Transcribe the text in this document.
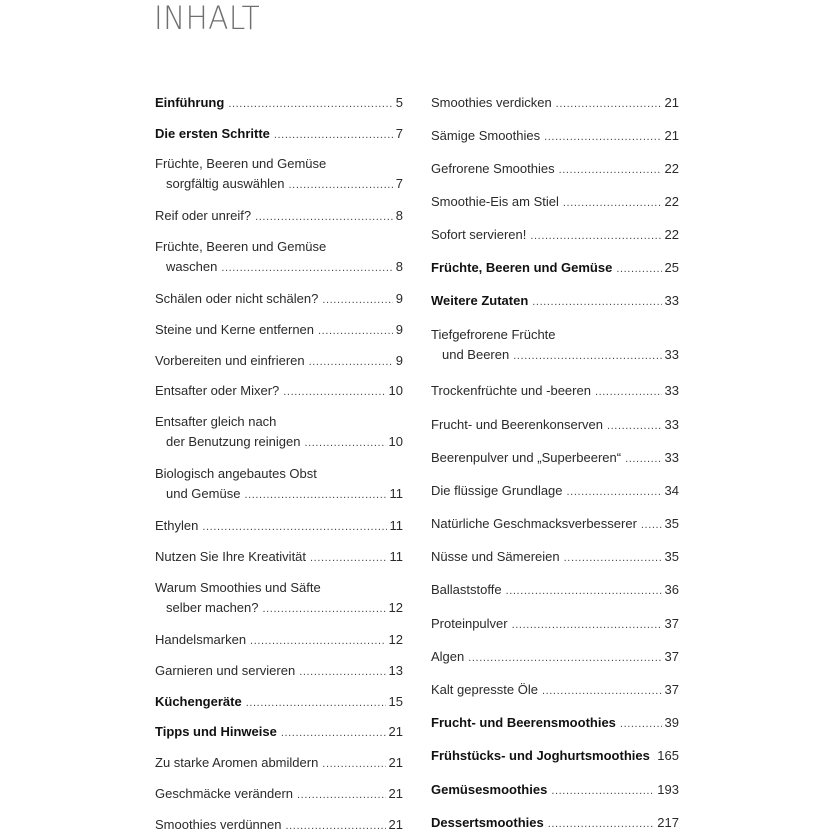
INHALT
Einführung .....	5
Die ersten Schritte .....	7
Früchte, Beeren und Gemüse
sorgfältig auswählen .....	7
Reif oder unreif? .....	8
Früchte, Beeren und Gemüse
waschen .....	8
Schälen oder nicht schälen? .....	9
Steine und Kerne entfernen .....	9
Vorbereiten und einfrieren .....	9
Entsafter oder Mixer? .....	10
Entsafter gleich nach
der Benutzung reinigen .....	10
Biologisch angebautes Obst
und Gemüse .....	11
Ethylen .....	11
Nutzen Sie Ihre Kreativität .....	11
Warum Smoothies und Säfte
selber machen? .....	12
Handelsmarken .....	12
Garnieren und servieren .....	13
Küchengeräte .....	15
Tipps und Hinweise .....	21
Zu starke Aromen abmildern .....	21
Geschmäcke verändern .....	21
Smoothies verdünnen .....	21
Smoothies verdicken .....	21
Sämige Smoothies .....	21
Gefrorene Smoothies .....	22
Smoothie-Eis am Stiel .....	22
Sofort servieren! .....	22
Früchte, Beeren und Gemüse .....	25
Weitere Zutaten .....	33
Tiefgefrorene Früchte
und Beeren .....	33
Trockenfrüchte und -beeren .....	33
Frucht- und Beerenkonserven .....	33
Beerenpulver und „Superbeeren“ .....	33
Die flüssige Grundlage .....	34
Natürliche Geschmacksverbesserer ..... 35
Nüsse und Sämereien .....	35
Ballaststoffe .....	36
Proteinpulver .....	37
Algen .....	37
Kalt gepresste Öle .....	37
Frucht- und Beerensmoothies .....	39
Frühstücks- und Joghurtsmoothies ..... 165
Gemüsesmoothies .....	193
Dessertsmoothies .....	217
